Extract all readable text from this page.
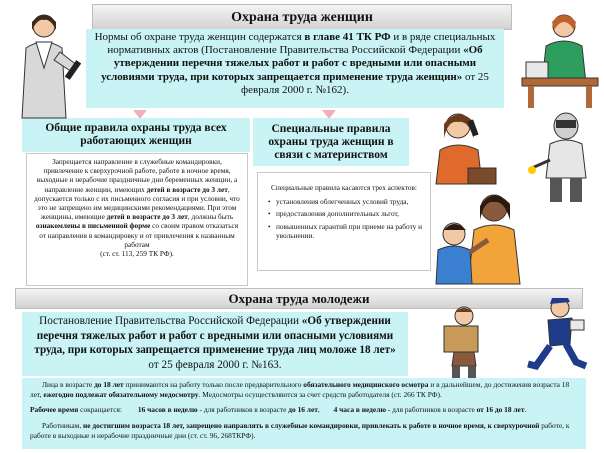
Охрана труда женщин
Нормы об охране труда женщин содержатся в главе 41 ТК РФ и в ряде специальных нормативных актов (Постановление Правительства Российской Федерации «Об утверждении перечня тяжелых работ и работ с вредными или опасными условиями труда, при которых запрещается применение труда женщин» от 25 февраля 2000 г. №162).
Общие правила охраны труда всех работающих женщин
Запрещается направление в служебные командировки, привлечение к сверхурочной работе, работе в ночное время, выходные и нерабочие праздничные дни беременных женщин, а направление женщин, имеющих детей в возрасте до 3 лет, допускается только с их письменного согласия и при условии, что это не запрещено им медицинскими рекомендациями. При этом женщины, имеющие детей в возрасте до 3 лет, должны быть ознакомлены в письменной форме со своим правом отказаться от направления в командировку и от привлечения к названным работам
(ст. ст. 113, 259 ТК РФ).
Специальные правила охраны труда женщин в связи с материнством
Специальные правила касаются трех аспектов:
• установления облегченных условий труда,
• предоставления дополнительных льгот,
• повышенных гарантий при приеме на работу и увольнении.
Охрана труда молодежи
Постановление Правительства Российской Федерации «Об утверждении перечня тяжелых работ и работ с вредными или опасными условиями труда, при которых запрещается применение труда лиц моложе 18 лет» от 25 февраля 2000 г. №163.
Лица в возрасте до 18 лет принимаются на работу только после предварительного обязательного медицинского осмотра и в дальнейшем, до достижения возраста 18 лет, ежегодно подлежат обязательному медосмотру. Медосмотры осуществляются за счет средств работодателя (ст. 266 ТК РФ).
Рабочее время сокращается: 16 часов в неделю - для работников в возрасте до 16 лет, 4 часа в неделю - для работников в возрасте от 16 до 18 лет.
Работникам, не достигшим возраста 18 лет, запрещено направлять в служебные командировки, привлекать к работе в ночное время, к сверхурочной работе, к работе в выходные и нерабочие праздничные дни (ст. ст. 96, 268ТКРФ).
